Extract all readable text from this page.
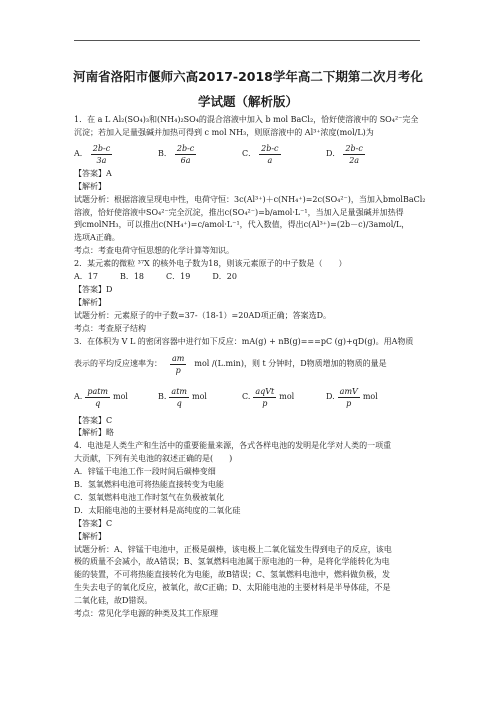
河南省洛阳市偃师六高2017-2018学年高二下期第二次月考化
学试题（解析版）
1．在 a L Al₂(SO₄)₃和(NH₄)₂SO₄的混合溶液中加入 b mol BaCl₂，恰好使溶液中的 SO₄²⁻完全
沉淀；若加入足量强碱并加热可得到 c mol NH₃，则原溶液中的 Al³⁺浓度(mol/L)为
A． $\frac{2b-c}{3a}$	B． $\frac{2b-c}{6a}$	C． $\frac{2b-c}{a}$	D． $\frac{2b-c}{2a}$
【答案】A
【解析】
试题分析：根据溶液呈现电中性，电荷守恒：3c(Al³⁺)＋c(NH₄⁺)=2c(SO₄²⁻)，当加入bmolBaCl₂
溶液，恰好使溶液中SO₄²⁻完全沉淀，推出c(SO₄²⁻)=b/amol·L⁻¹，当加入足量强碱并加热得
到cmolNH₃，可以推出c(NH₄⁺)=c/amol·L⁻¹，代入数值，得出c(Al³⁺)=(2b－c)/3amol/L，
选项A正确。
考点：考查电荷守恒思想的化学计算等知识。
2．某元素的微粒 ³⁷X 的核外电子数为18，则该元素原子的中子数是（　　）
A．17	B．18	C．19	D．20
【答案】D
【解析】
试题分析：元素原子的中子数=37-（18-1）=20AD项正确；答案选D。
考点：考查原子结构
3．在体积为 V L 的密闭容器中进行如下反应：mA(g) + nB(g)===pC (g)+qD(g)。用A物质
表示的平均反应速率为： $\frac{am}{p}$ mol /(L.min)，则 t 分钟时，D物质增加的物质的量是
A. $\frac{\text{patm}}{q}$ mol	B. $\frac{\text{atm}}{q}$ mol	C. $\frac{\text{aqVt}}{p}$ mol	D. $\frac{\text{amV}}{p}$ mol
【答案】C
【解析】略
4．电池是人类生产和生活中的重要能量来源，各式各样电池的发明是化学对人类的一项重
大贡献，下列有关电池的叙述正确的是(　　)
A．锌锰干电池工作一段时间后碳棒变细
B．氢氧燃料电池可将热能直接转变为电能
C．氢氧燃料电池工作时氢气在负极被氧化
D．太阳能电池的主要材料是高纯度的二氧化硅
【答案】C
【解析】
试题分析：A、锌锰干电池中，正极是碳棒，该电极上二氧化锰发生得到电子的反应，该电
极的质量不会减小，故A错误；B、氢氧燃料电池属于原电池的一种，是将化学能转化为电
能的装置，不可将热能直接转化为电能，故B错误；C、氢氧燃料电池中，燃料做负极，发
生失去电子的氧化反应，被氧化，故C正确；D、太阳能电池的主要材料是半导体硅，不是
二氧化硅，故D错误。
考点：常见化学电源的种类及其工作原理
